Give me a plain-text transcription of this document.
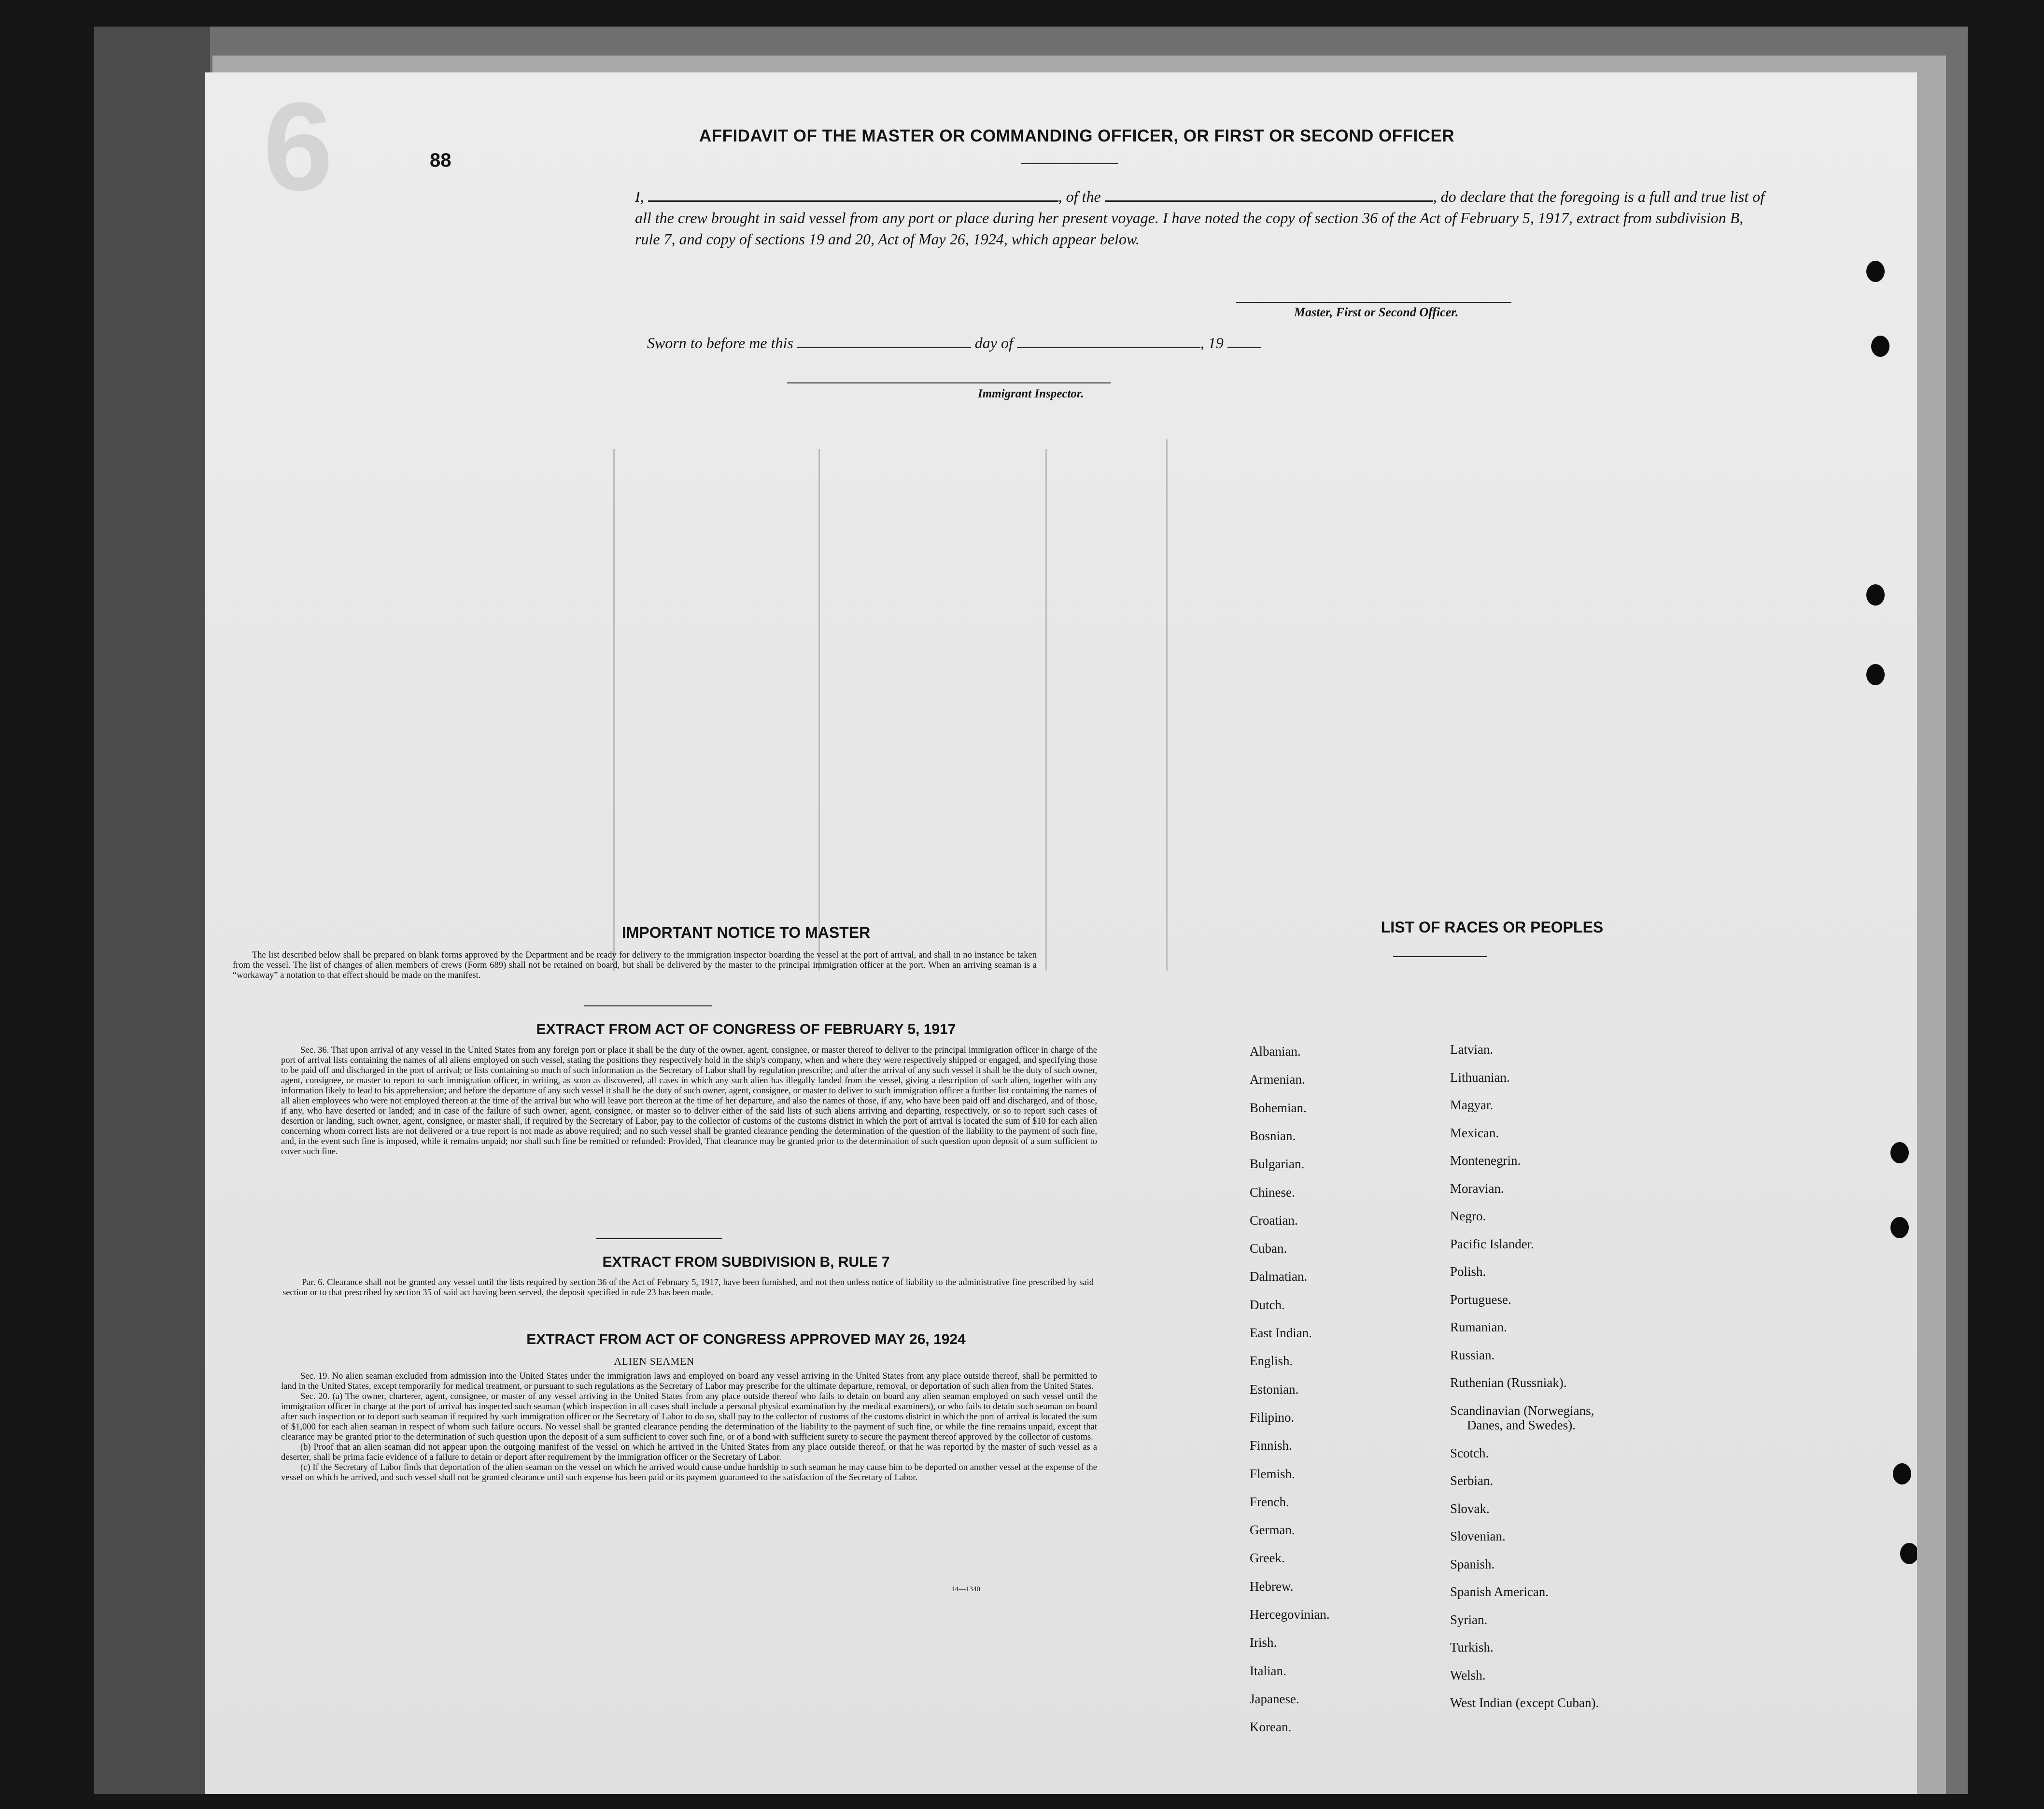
6	88
AFFIDAVIT OF THE MASTER OR COMMANDING OFFICER, OR FIRST OR SECOND OFFICER
I,	, of the	, do declare that the foregoing is a full and true list of all the crew brought in said vessel from any port or place during her present voyage. I have noted the copy of section 36 of the Act of February 5, 1917, extract from subdivision B, rule 7, and copy of sections 19 and 20, Act of May 26, 1924, which appear below.
Master, First or Second Officer.
Sworn to before me this	day of	, 19
Immigrant Inspector.
IMPORTANT NOTICE TO MASTER

The list described below shall be prepared on blank forms approved by the Department and be ready for delivery to the immigration inspector boarding the vessel at the port of arrival, and shall in no instance be taken from the vessel. The list of changes of alien members of crews (Form 689) shall not be retained on board, but shall be delivered by the master to the principal immigration officer at the port. When an arriving seaman is a “workaway” a notation to that effect should be made on the manifest.

EXTRACT FROM ACT OF CONGRESS OF FEBRUARY 5, 1917

Sec. 36. That upon arrival of any vessel in the United States from any foreign port or place it shall be the duty of the owner, agent, consignee, or master thereof to deliver to the principal immigration officer in charge of the port of arrival lists containing the names of all aliens employed on such vessel, stating the positions they respectively hold in the ship's company, when and where they were respectively shipped or engaged, and specifying those to be paid off and discharged in the port of arrival; or lists containing so much of such information as the Secretary of Labor shall by regulation prescribe; and after the arrival of any such vessel it shall be the duty of such owner, agent, consignee, or master to report to such immigration officer, in writing, as soon as discovered, all cases in which any such alien has illegally landed from the vessel, giving a description of such alien, together with any information likely to lead to his apprehension; and before the departure of any such vessel it shall be the duty of such owner, agent, consignee, or master to deliver to such immigration officer a further list containing the names of all alien employees who were not employed thereon at the time of the arrival but who will leave port thereon at the time of her departure, and also the names of those, if any, who have been paid off and discharged, and of those, if any, who have deserted or landed; and in case of the failure of such owner, agent, consignee, or master so to deliver either of the said lists of such aliens arriving and departing, respectively, or so to report such cases of desertion or landing, such owner, agent, consignee, or master shall, if required by the Secretary of Labor, pay to the collector of customs of the customs district in which the port of arrival is located the sum of $10 for each alien concerning whom correct lists are not delivered or a true report is not made as above required; and no such vessel shall be granted clearance pending the determination of the question of the liability to the payment of such fine, and, in the event such fine is imposed, while it remains unpaid; nor shall such fine be remitted or refunded: Provided, That clearance may be granted prior to the determination of such question upon deposit of a sum sufficient to cover such fine.

EXTRACT FROM SUBDIVISION B, RULE 7

Par. 6. Clearance shall not be granted any vessel until the lists required by section 36 of the Act of February 5, 1917, have been furnished, and not then unless notice of liability to the administrative fine prescribed by said section or to that prescribed by section 35 of said act having been served, the deposit specified in rule 23 has been made.

EXTRACT FROM ACT OF CONGRESS APPROVED MAY 26, 1924
ALIEN SEAMEN

Sec. 19. No alien seaman excluded from admission into the United States under the immigration laws and employed on board any vessel arriving in the United States from any place outside thereof, shall be permitted to land in the United States, except temporarily for medical treatment, or pursuant to such regulations as the Secretary of Labor may prescribe for the ultimate departure, removal, or deportation of such alien from the United States.

Sec. 20. (a) The owner, charterer, agent, consignee, or master of any vessel arriving in the United States from any place outside thereof who fails to detain on board any alien seaman employed on such vessel until the immigration officer in charge at the port of arrival has inspected such seaman (which inspection in all cases shall include a personal physical examination by the medical examiners), or who fails to detain such seaman on board after such inspection or to deport such seaman if required by such immigration officer or the Secretary of Labor to do so, shall pay to the collector of customs of the customs district in which the port of arrival is located the sum of $1,000 for each alien seaman in respect of whom such failure occurs. No vessel shall be granted clearance pending the determination of the liability to the payment of such fine, or while the fine remains unpaid, except that clearance may be granted prior to the determination of such question upon the deposit of a sum sufficient to cover such fine, or of a bond with sufficient surety to secure the payment thereof approved by the collector of customs.

(b) Proof that an alien seaman did not appear upon the outgoing manifest of the vessel on which he arrived in the United States from any place outside thereof, or that he was reported by the master of such vessel as a deserter, shall be prima facie evidence of a failure to detain or deport after requirement by the immigration officer or the Secretary of Labor.

(c) If the Secretary of Labor finds that deportation of the alien seaman on the vessel on which he arrived would cause undue hardship to such seaman he may cause him to be deported on another vessel at the expense of the vessel on which he arrived, and such vessel shall not be granted clearance until such expense has been paid or its payment guaranteed to the satisfaction of the Secretary of Labor.

14—1340
LIST OF RACES OR PEOPLES
Albanian.
Armenian.
Bohemian.
Bosnian.
Bulgarian.
Chinese.
Croatian.
Cuban.
Dalmatian.
Dutch.
East Indian.
English.
Estonian.
Filipino.
Finnish.
Flemish.
French.
German.
Greek.
Hebrew.
Hercegovinian.
Irish.
Italian.
Japanese.
Korean.
Latvian.
Lithuanian.
Magyar.
Mexican.
Montenegrin.
Moravian.
Negro.
Pacific Islander.
Polish.
Portuguese.
Rumanian.
Russian.
Ruthenian (Russniak).
Scandinavian (Norwegians,
Danes, and Swedes).
Scotch.
Serbian.
Slovak.
Slovenian.
Spanish.
Spanish American.
Syrian.
Turkish.
Welsh.
West Indian (except Cuban).
